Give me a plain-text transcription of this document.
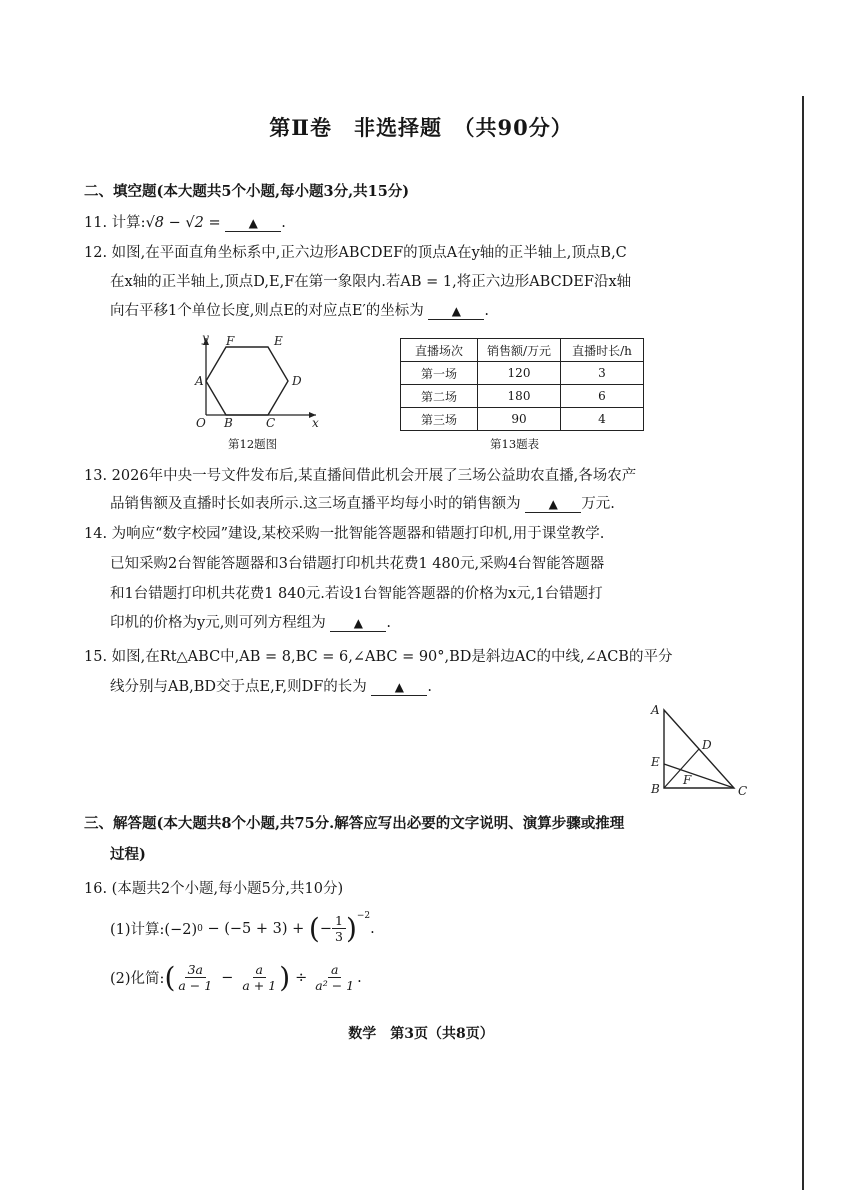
第Ⅱ卷　非选择题　（共90分）
二、填空题(本大题共5个小题,每小题3分,共15分)
11. 计算:√8 − √2 = ▲ .
12. 如图,在平面直角坐标系中,正六边形ABCDEF的顶点A在y轴的正半轴上,顶点B,C
在x轴的正半轴上,顶点D,E,F在第一象限内.若AB = 1,将正六边形ABCDEF沿x轴
向右平移1个单位长度,则点E的对应点E′的坐标为 ▲ .
y
x
O
A
B	C
D
E
F
第12题图
直播场次	销售额/万元	直播时长/h
第一场	120	3
第二场	180	6
第三场	90	4
第13题表
13. 2026年中央一号文件发布后,某直播间借此机会开展了三场公益助农直播,各场农产
品销售额及直播时长如表所示.这三场直播平均每小时的销售额为 ▲ 万元.
14. 为响应“数字校园”建设,某校采购一批智能答题器和错题打印机,用于课堂教学.
已知采购2台智能答题器和3台错题打印机共花费1 480元,采购4台智能答题器
和1台错题打印机共花费1 840元.若设1台智能答题器的价格为x元,1台错题打
印机的价格为y元,则可列方程组为 ▲ .
15. 如图,在Rt△ABC中,AB = 8,BC = 6,∠ABC = 90°,BD是斜边AC的中线,∠ACB的平分
线分别与AB,BD交于点E,F,则DF的长为 ▲ .
A
B	C
D
E
F
三、解答题(本大题共8个小题,共75分.解答应写出必要的文字说明、演算步骤或推理
过程)
16. (本题共2个小题,每小题5分,共10分)
(1)计算:(−2) 0 − (−5 + 3) + ( − $\frac{1}{3}$ ) −2
.
(2)化简: ( $\frac{3a}{a - 1} - \frac{a}{a + 1}$ ) ÷ $\frac{a}{\text{a² − 1}}$ .
数学　第3页（共8页）
